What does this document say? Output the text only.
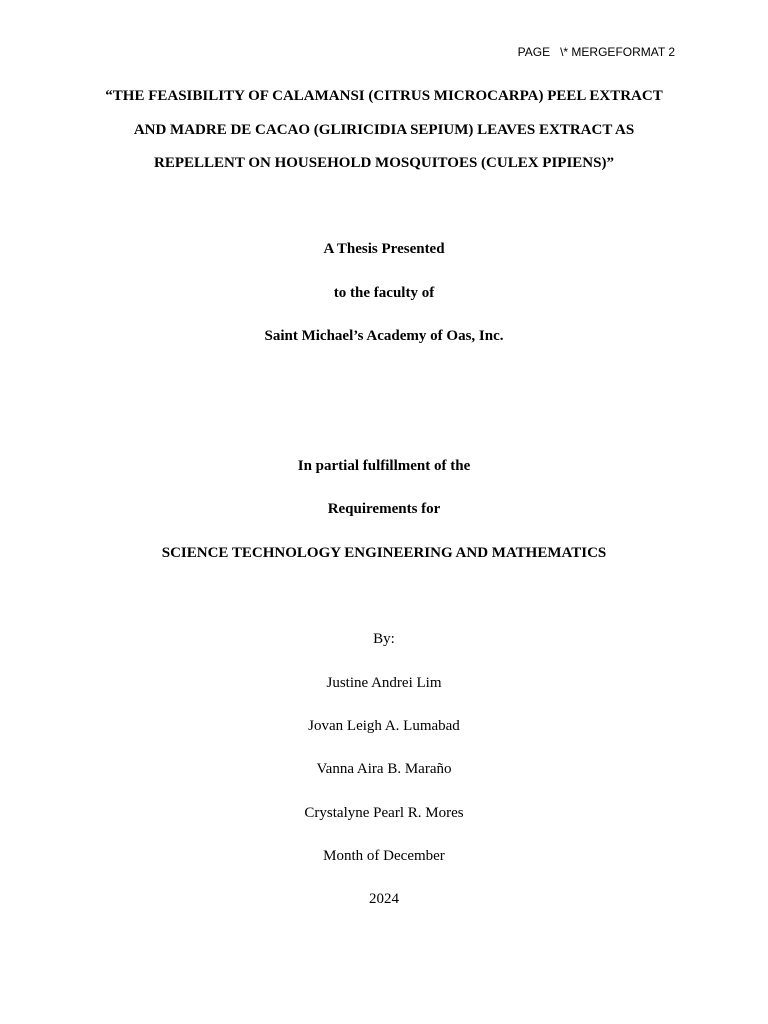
PAGE   \* MERGEFORMAT 2
“THE FEASIBILITY OF CALAMANSI (CITRUS MICROCARPA) PEEL EXTRACT
AND MADRE DE CACAO (GLIRICIDIA SEPIUM) LEAVES EXTRACT AS
REPELLENT ON HOUSEHOLD MOSQUITOES (CULEX PIPIENS)”
A Thesis Presented
to the faculty of
Saint Michael’s Academy of Oas, Inc.
In partial fulfillment of the
Requirements for
SCIENCE TECHNOLOGY ENGINEERING AND MATHEMATICS
By:
Justine Andrei Lim
Jovan Leigh A. Lumabad
Vanna Aira B. Maraño
Crystalyne Pearl R. Mores
Month of December
2024
